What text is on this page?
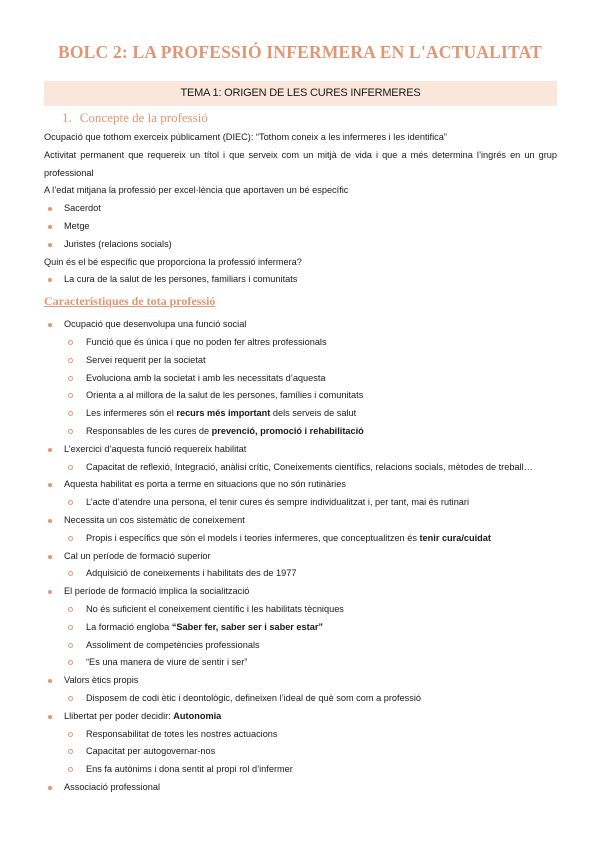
BOLC 2: LA PROFESSIÓ INFERMERA EN L'ACTUALITAT
TEMA 1: ORIGEN DE LES CURES INFERMERES
1. Concepte de la professió

Ocupació que tothom exerceix públicament (DIEC): “Tothom coneix a les infermeres i les identifica”

Activitat permanent que requereix un títol i que serveix com un mitjà de vida i que a més determina l’ingrés en un grup professional

A l’edat mitjana la professió per excel·lència que aportaven un bé específic

Sacerdot
Metge
Juristes (relacions socials)

Quin és el bé específic que proporciona la professió infermera?

La cura de la salut de les persones, familiars i comunitats
Característiques de tota professió
Ocupació que desenvolupa una funció social
Funció que és única i que no poden fer altres professionals
Servei requerit per la societat
Evoluciona amb la societat i amb les necessitats d’aquesta
Orienta a al millora de la salut de les persones, famílies i comunitats
Les infermeres són el recurs més important dels serveis de salut
Responsables de les cures de prevenció, promoció i rehabilitació
L’exercici d’aquesta funció requereix habilitat
Capacitat de reflexió, Integració, anàlisi crític, Coneixements científics, relacions socials, mètodes de treball…
Aquesta habilitat es porta a terme en situacions que no són rutinàries
L’acte d’atendre una persona, el tenir cures és sempre individualitzat i, per tant, mai és rutinari
Necessita un cos sistemàtic de coneixement
Propis i específics que són el models i teories infermeres, que conceptualitzen és tenir cura/cuidat
Cal un període de formació superior
Adquisició de coneixements i habilitats des de 1977
El període de formació implica la socialització
No és suficient el coneixement científic i les habilitats tècniques
La formació engloba “Saber fer, saber ser i saber estar”
Assoliment de competències professionals
“Es una manera de viure de sentir i ser”
Valors ètics propis
Disposem de codi ètic i deontològic, defineixen l’ideal de què som com a professió
Llibertat per poder decidir: Autonomia
Responsabilitat de totes les nostres actuacions
Capacitat per autogovernar-nos
Ens fa autònims i dona sentit al propi rol d’infermer
Associació professional
